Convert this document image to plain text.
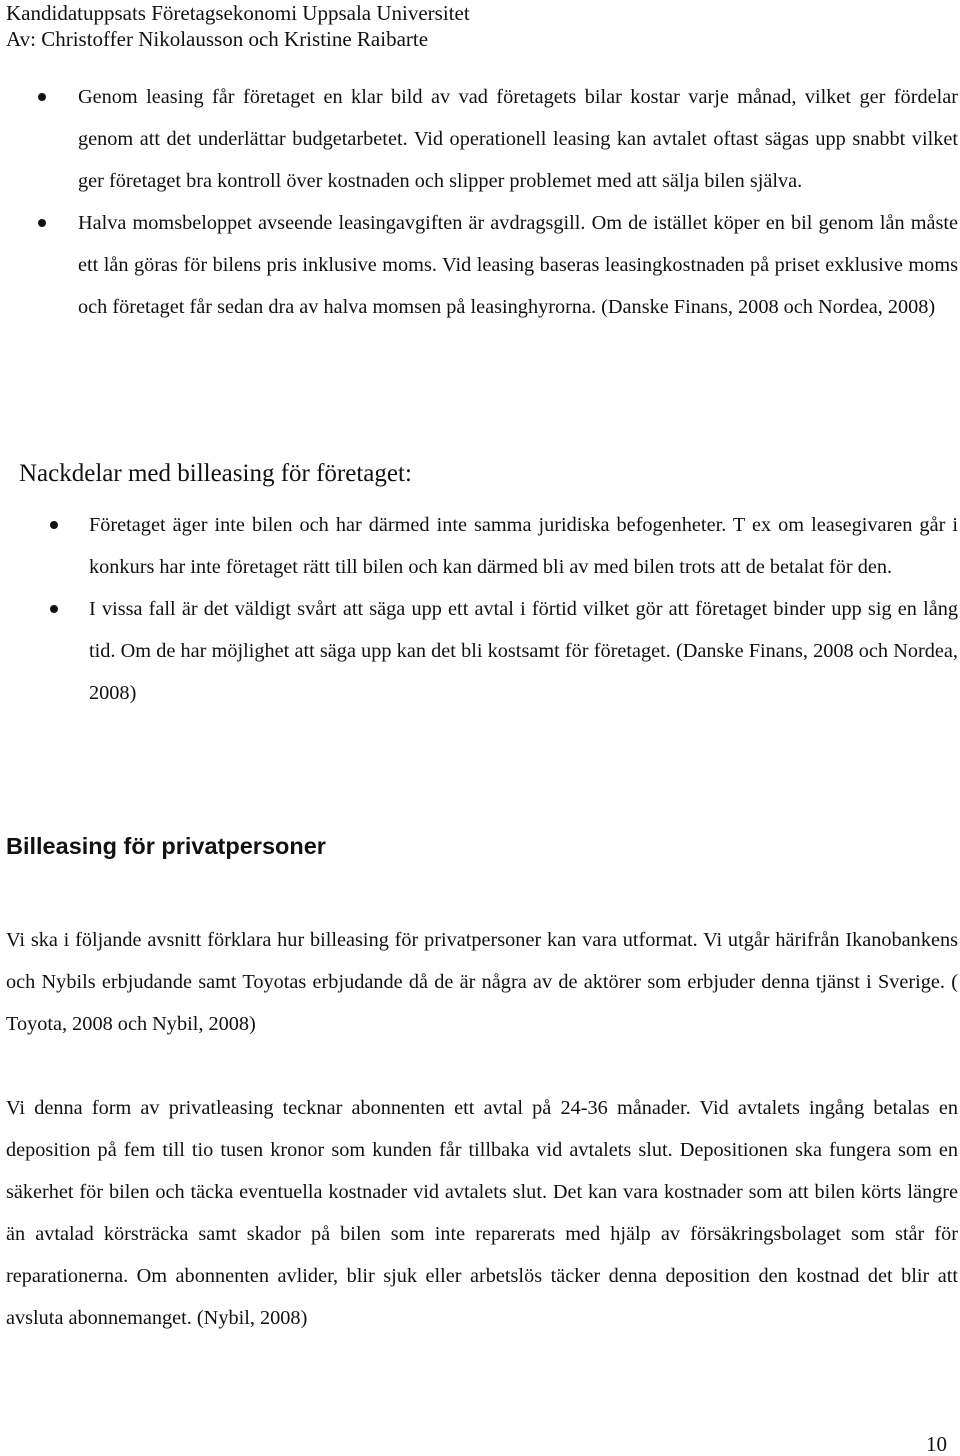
Kandidatuppsats Företagsekonomi Uppsala Universitet
Av: Christoffer Nikolausson och Kristine Raibarte
Genom leasing får företaget en klar bild av vad företagets bilar kostar varje månad, vilket ger fördelar genom att det underlättar budgetarbetet. Vid operationell leasing kan avtalet oftast sägas upp snabbt vilket ger företaget bra kontroll över kostnaden och slipper problemet med att sälja bilen själva.
Halva momsbeloppet avseende leasingavgiften är avdragsgill. Om de istället köper en bil genom lån måste ett lån göras för bilens pris inklusive moms. Vid leasing baseras leasingkostnaden på priset exklusive moms och företaget får sedan dra av halva momsen på leasinghyrorna. (Danske Finans, 2008 och Nordea, 2008)
Nackdelar med billeasing för företaget:
Företaget äger inte bilen och har därmed inte samma juridiska befogenheter. T ex om leasegivaren går i konkurs har inte företaget rätt till bilen och kan därmed bli av med bilen trots att de betalat för den.
I vissa fall är det väldigt svårt att säga upp ett avtal i förtid vilket gör att företaget binder upp sig en lång tid. Om de har möjlighet att säga upp kan det bli kostsamt för företaget. (Danske Finans, 2008 och Nordea, 2008)
Billeasing för privatpersoner

Vi ska i följande avsnitt förklara hur billeasing för privatpersoner kan vara utformat. Vi utgår härifrån Ikanobankens och Nybils erbjudande samt Toyotas erbjudande då de är några av de aktörer som erbjuder denna tjänst i Sverige. ( Toyota, 2008 och Nybil, 2008)

Vi denna form av privatleasing tecknar abonnenten ett avtal på 24-36 månader. Vid avtalets ingång betalas en deposition på fem till tio tusen kronor som kunden får tillbaka vid avtalets slut. Depositionen ska fungera som en säkerhet för bilen och täcka eventuella kostnader vid avtalets slut. Det kan vara kostnader som att bilen körts längre än avtalad körsträcka samt skador på bilen som inte reparerats med hjälp av försäkringsbolaget som står för reparationerna. Om abonnenten avlider, blir sjuk eller arbetslös täcker denna deposition den kostnad det blir att avsluta abonnemanget. (Nybil, 2008)

10
